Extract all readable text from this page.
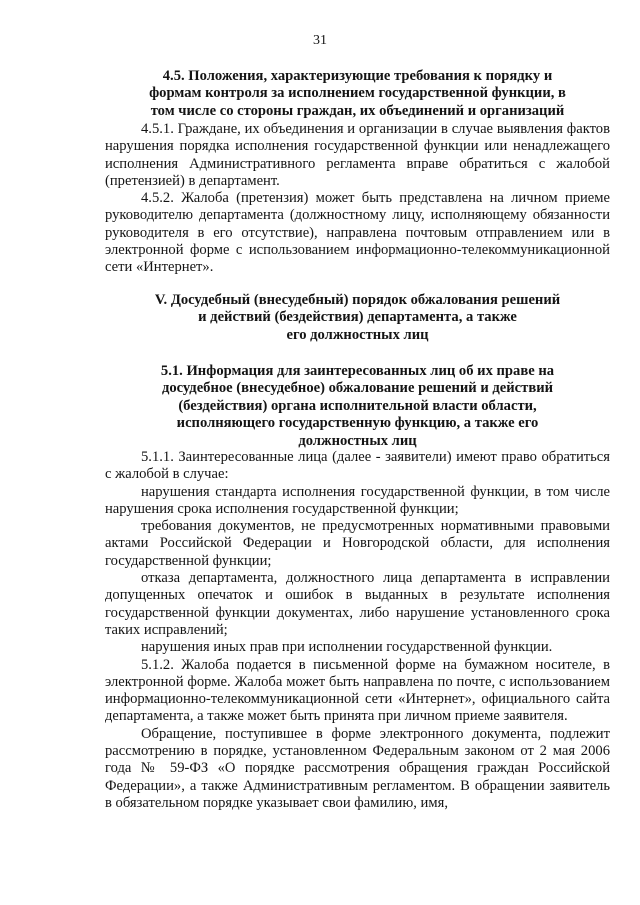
31

4.5. Положения, характеризующие требования к порядку и

формам контроля за исполнением государственной функции, в

том числе со стороны граждан, их объединений и организаций

4.5.1. Граждане, их объединения и организации в случае выявления фактов нарушения порядка исполнения государственной функции или ненадлежащего исполнения Административного регламента вправе обратиться с жалобой (претензией) в департамент.

4.5.2. Жалоба (претензия) может быть представлена на личном приеме руководителю департамента (должностному лицу, исполняющему обязанности руководителя в его отсутствие), направлена почтовым отправлением или в электронной форме с использованием информационно-телекоммуникационной сети «Интернет».

V. Досудебный (внесудебный) порядок обжалования решений

и действий (бездействия) департамента, а также

его должностных лиц

5.1. Информация для заинтересованных лиц об их праве на

досудебное (внесудебное) обжалование решений и действий

(бездействия) органа исполнительной власти области,

исполняющего государственную функцию, а также его

должностных лиц

5.1.1. Заинтересованные лица (далее - заявители) имеют право обратиться с жалобой в случае:

нарушения стандарта исполнения государственной функции, в том числе нарушения срока исполнения государственной функции;

требования документов, не предусмотренных нормативными правовыми актами Российской Федерации и Новгородской области, для исполнения государственной функции;

отказа департамента, должностного лица департамента в исправлении допущенных опечаток и ошибок в выданных в результате исполнения государственной функции документах, либо нарушение установленного срока таких исправлений;

нарушения иных прав при исполнении государственной функции.

5.1.2. Жалоба подается в письменной форме на бумажном носителе, в электронной форме. Жалоба может быть направлена по почте, с использованием информационно-телекоммуникационной сети «Интернет», официального сайта департамента, а также может быть принята при личном приеме заявителя.

Обращение, поступившее в форме электронного документа, подлежит рассмотрению в порядке, установленном Федеральным законом от 2 мая 2006 года № 59-ФЗ «О порядке рассмотрения обращения граждан Российской Федерации», а также Административным регламентом. В обращении заявитель в обязательном порядке указывает свои фамилию, имя,
